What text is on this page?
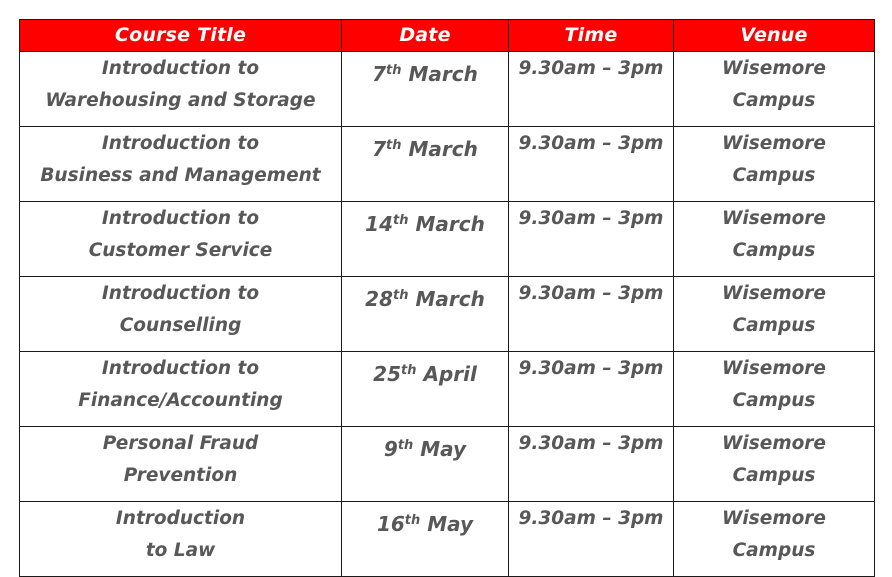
Course Title	Date	Time	Venue

Introduction to
Warehousing and Storage	7th March	9.30am – 3pm	Wisemore
Campus

Introduction to
Business and Management	7th March	9.30am – 3pm	Wisemore
Campus

Introduction to
Customer Service	14th March	9.30am – 3pm	Wisemore
Campus

Introduction to
Counselling	28th March	9.30am – 3pm	Wisemore
Campus

Introduction to
Finance/Accounting	25th April	9.30am – 3pm	Wisemore
Campus

Personal Fraud
Prevention	9th May	9.30am – 3pm	Wisemore
Campus

Introduction
to Law	16th May	9.30am – 3pm	Wisemore
Campus
